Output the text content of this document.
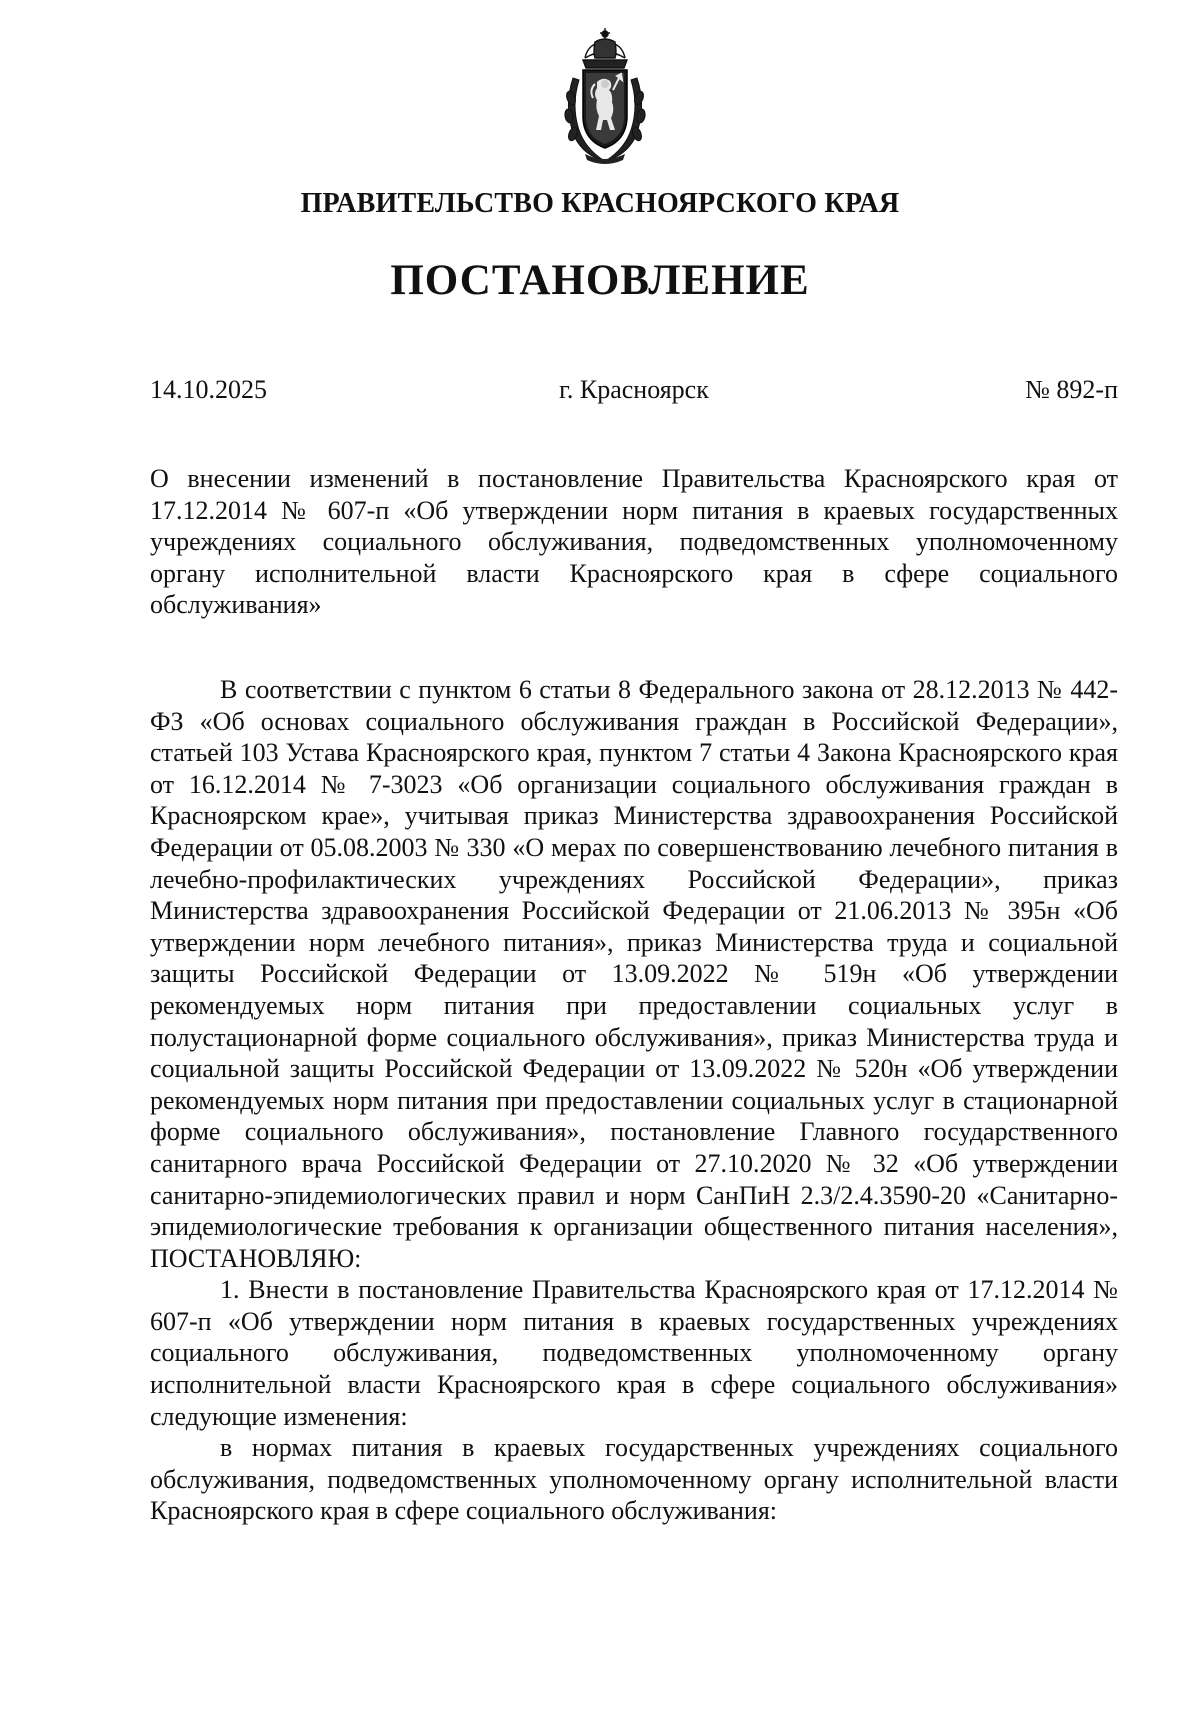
ПРАВИТЕЛЬСТВО КРАСНОЯРСКОГО КРАЯ
ПОСТАНОВЛЕНИЕ
14.10.2025	г. Красноярск	№ 892-п
О внесении изменений в постановление Правительства Красноярского края от 17.12.2014 № 607-п «Об утверждении норм питания в краевых государственных учреждениях социального обслуживания, подведомственных уполномоченному органу исполнительной власти Красноярского края в сфере социального обслуживания»

В соответствии с пунктом 6 статьи 8 Федерального закона от 28.12.2013 № 442-ФЗ «Об основах социального обслуживания граждан в Российской Федерации», статьей 103 Устава Красноярского края, пунктом 7 статьи 4 Закона Красноярского края от 16.12.2014 № 7-3023 «Об организации социального обслуживания граждан в Красноярском крае», учитывая приказ Министерства здравоохранения Российской Федерации от 05.08.2003 № 330 «О мерах по совершенствованию лечебного питания в лечебно-профилактических учреждениях Российской Федерации», приказ Министерства здравоохранения Российской Федерации от 21.06.2013 № 395н «Об утверждении норм лечебного питания», приказ Министерства труда и социальной защиты Российской Федерации от 13.09.2022 № 519н «Об утверждении рекомендуемых норм питания при предоставлении социальных услуг в полустационарной форме социального обслуживания», приказ Министерства труда и социальной защиты Российской Федерации от 13.09.2022 № 520н «Об утверждении рекомендуемых норм питания при предоставлении социальных услуг в стационарной форме социального обслуживания», постановление Главного государственного санитарного врача Российской Федерации от 27.10.2020 № 32 «Об утверждении санитарно-эпидемиологических правил и норм СанПиН 2.3/2.4.3590-20 «Санитарно-эпидемиологические требования к организации общественного питания населения», ПОСТАНОВЛЯЮ:

1. Внести в постановление Правительства Красноярского края от 17.12.2014 № 607-п «Об утверждении норм питания в краевых государственных учреждениях социального обслуживания, подведомственных уполномоченному органу исполнительной власти Красноярского края в сфере социального обслуживания» следующие изменения:

в нормах питания в краевых государственных учреждениях социального обслуживания, подведомственных уполномоченному органу исполнительной власти Красноярского края в сфере социального обслуживания:
